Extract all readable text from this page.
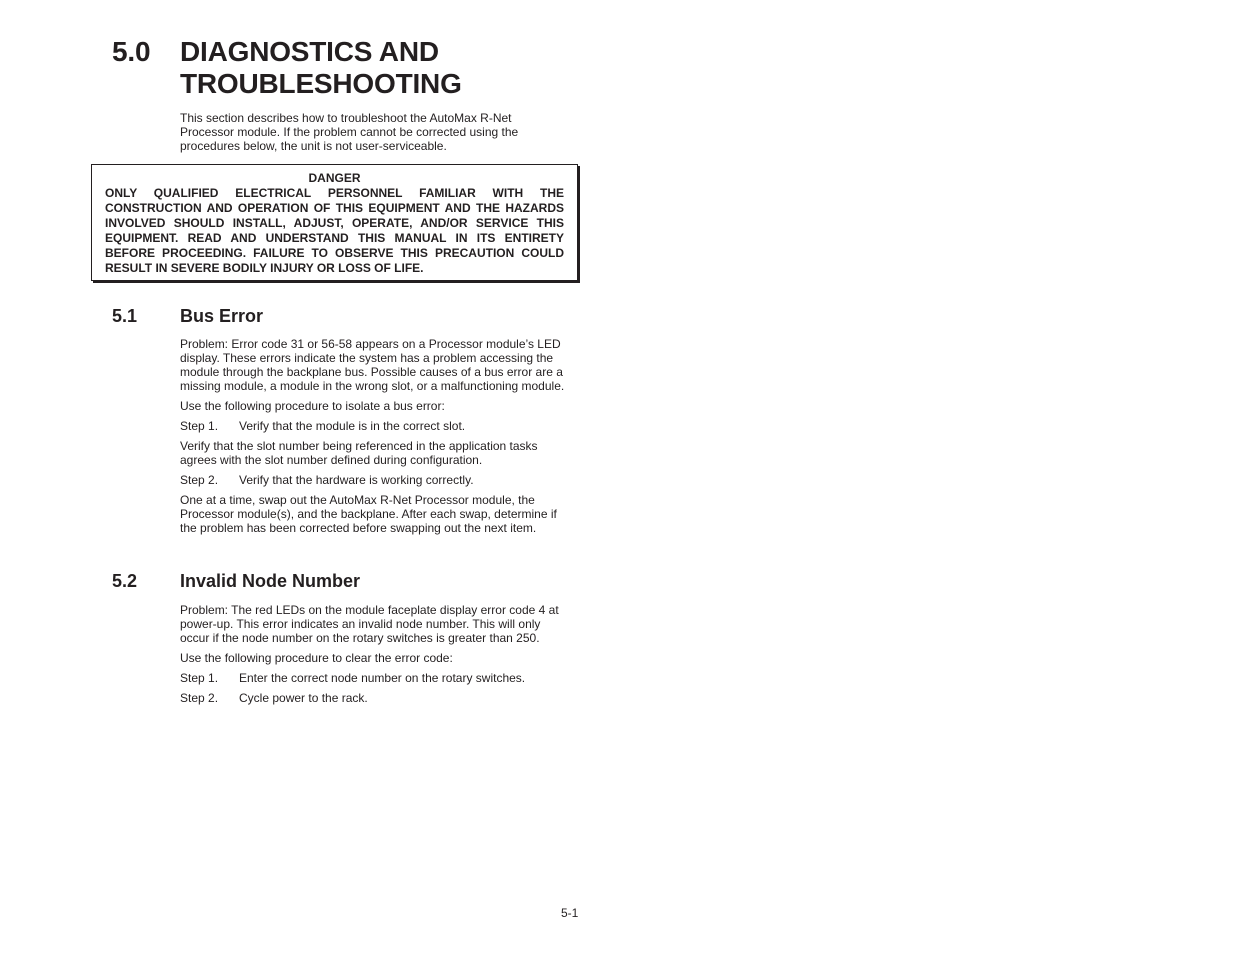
5.0	DIAGNOSTICS AND
TROUBLESHOOTING

This section describes how to troubleshoot the AutoMax R-Net Processor module. If the problem cannot be corrected using the procedures below, the unit is not user-serviceable.

DANGER
ONLY QUALIFIED ELECTRICAL PERSONNEL FAMILIAR WITH THE CONSTRUCTION AND OPERATION OF THIS EQUIPMENT AND THE HAZARDS INVOLVED SHOULD INSTALL, ADJUST, OPERATE, AND/OR SERVICE THIS EQUIPMENT. READ AND UNDERSTAND THIS MANUAL IN ITS ENTIRETY BEFORE PROCEEDING. FAILURE TO OBSERVE THIS PRECAUTION COULD RESULT IN SEVERE BODILY INJURY OR LOSS OF LIFE.
5.1	Bus Error

Problem: Error code 31 or 56-58 appears on a Processor module’s LED display. These errors indicate the system has a problem accessing the module through the backplane bus. Possible causes of a bus error are a missing module, a module in the wrong slot, or a malfunctioning module.

Use the following procedure to isolate a bus error:

Step 1.	Verify that the module is in the correct slot.

Verify that the slot number being referenced in the application tasks agrees with the slot number defined during configuration.

Step 2.	Verify that the hardware is working correctly.

One at a time, swap out the AutoMax R-Net Processor module, the Processor module(s), and the backplane. After each swap, determine if the problem has been corrected before swapping out the next item.

5.2	Invalid Node Number

Problem: The red LEDs on the module faceplate display error code 4 at power-up. This error indicates an invalid node number. This will only occur if the node number on the rotary switches is greater than 250.

Use the following procedure to clear the error code:

Step 1.	Enter the correct node number on the rotary switches.
Step 2.	Cycle power to the rack.
5-1
